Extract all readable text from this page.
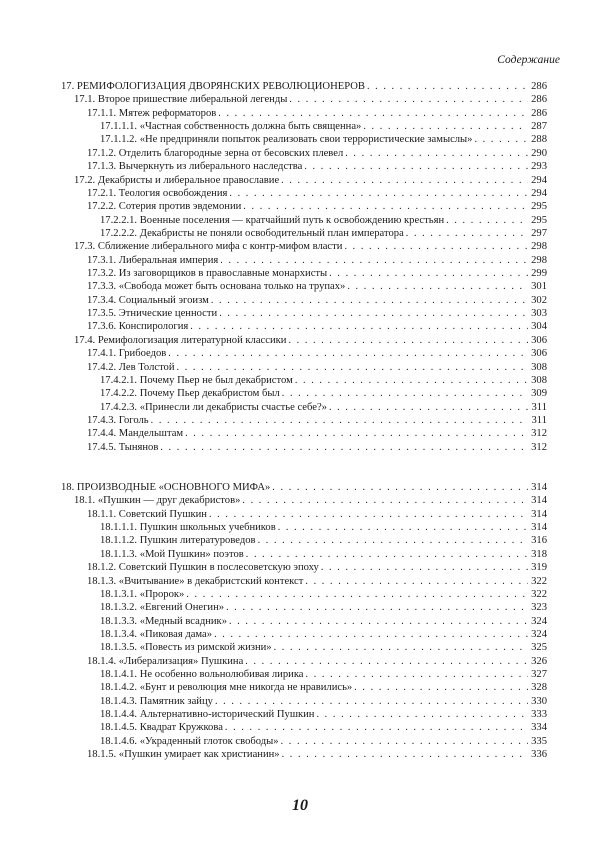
Содержание
17. РЕМИФОЛОГИЗАЦИЯ ДВОРЯНСКИХ РЕВОЛЮЦИОНЕРОВ . . .	286
17.1. Второе пришествие либеральной легенды . . .	286
17.1.1. Мятеж реформаторов . . .	286
17.1.1.1. «Частная собственность должна быть священна» . . .	287
17.1.1.2. «Не предприняли попыток реализовать свои террористические замыслы» . . .	288
17.1.2. Отделить благородные зерна от бесовских плевел . . .	290
17.1.3. Вычеркнуть из либерального наследства . . .	293
17.2. Декабристы и либеральное православие . . .	294
17.2.1. Теология освобождения . . .	294
17.2.2. Сотерия против эвдемонии . . .	295
17.2.2.1. Военные поселения — кратчайший путь к освобождению крестьян . . .	295
17.2.2.2. Декабристы не поняли освободительный план императора . . .	297
17.3. Сближение либерального мифа с контр-мифом власти . . .	298
17.3.1. Либеральная империя . . .	298
17.3.2. Из заговорщиков в православные монархисты . . .	299
17.3.3. «Свобода может быть основана только на трупах» . . .	301
17.3.4. Социальный эгоизм . . .	302
17.3.5. Этнические ценности . . .	303
17.3.6. Конспирология . . .	304
17.4. Ремифологизация литературной классики . . .	306
17.4.1. Грибоедов . . .	306
17.4.2. Лев Толстой . . .	308
17.4.2.1. Почему Пьер не был декабристом . . .	308
17.4.2.2. Почему Пьер декабристом был . . .	309
17.4.2.3. «Принесли ли декабристы счастье себе?» . . .	311
17.4.3. Гоголь . . .	311
17.4.4. Мандельштам . . .	312
17.4.5. Тынянов . . .	312
18. ПРОИЗВОДНЫЕ «ОСНОВНОГО МИФА» . . .	314
18.1. «Пушкин — друг декабристов» . . .	314
18.1.1. Советский Пушкин . . .	314
18.1.1.1. Пушкин школьных учебников . . .	314
18.1.1.2. Пушкин литературоведов . . .	316
18.1.1.3. «Мой Пушкин» поэтов . . .	318
18.1.2. Советский Пушкин в послесоветскую эпоху . . .	319
18.1.3. «Вчитывание» в декабристский контекст . . .	322
18.1.3.1. «Пророк» . . .	322
18.1.3.2. «Евгений Онегин» . . .	323
18.1.3.3. «Медный всадник» . . .	324
18.1.3.4. «Пиковая дама» . . .	324
18.1.3.5. «Повесть из римской жизни» . . .	325
18.1.4. «Либерализация» Пушкина . . .	326
18.1.4.1. Не особенно вольнолюбивая лирика . . .	327
18.1.4.2. «Бунт и революция мне никогда не нравились» . . .	328
18.1.4.3. Памятник зайцу . . .	330
18.1.4.4. Альтернативно-исторический Пушкин . . .	333
18.1.4.5. Квадрат Кружкова . . .	334
18.1.4.6. «Украденный глоток свободы» . . .	335
18.1.5. «Пушкин умирает как христианин» . . .	336
10
